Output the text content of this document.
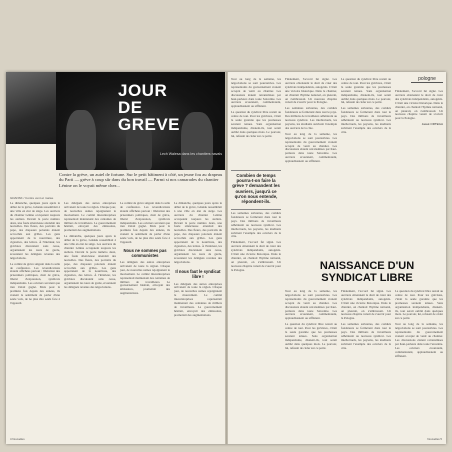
JOUR DE GREVE
Lech Walesa dans les chantiers navals
Contre la grève, un autel de fortune. Sur le petit bâtiment à côté, un jeune fou au drapeau du Parti — grève à coup sûr dans du bon travail — Parmi si nos camarades du chantier Lénine on le voyait même chez...
GDANSK / Contre vent et marée

Le dimanche, quelques jours après le début de la grève, Gdansk ressemblait à une ville en état de siège. Les ouvriers du chantier Lénine occupaient toujours les ateliers. Devant la porte numéro deux, une foule silencieuse attendait des nouvelles. Des fleurs, des portraits du pape, des drapeaux polonais étaient accrochés aux grilles. Les gens apportaient de la nourriture, des cigarettes, des lettres. À l'intérieur, les grévistes discutaient sans cesse, organisaient les tours de garde, écoutaient les délégués revenus des négociations.

Le comité de grève siégeait dans la salle de conférence. Les revendications étaient affichées partout : libération des prisonniers politiques, droit de grève, liberté d'expression, syndicats indépendants. Les ouvriers savaient que rien n'était gagné. Mais pour la première fois depuis des années, ils avaient le sentiment de parler d'une seule voix, de ne plus être seuls face à l'appareil.

Les délégués des autres entreprises arrivaient de toute la région. Chaque jour, de nouvelles usines rejoignaient le mouvement. Le comité interentreprises représentait maintenant des centaines de milliers de travailleurs. Le gouvernement hésitait, envoyait des émissaires, promettait des augmentations.

Le dimanche, quelques jours après le début de la grève, Gdansk ressemblait à une ville en état de siège. Les ouvriers du chantier Lénine occupaient toujours les ateliers. Devant la porte numéro deux, une foule silencieuse attendait des nouvelles. Des fleurs, des portraits du pape, des drapeaux polonais étaient accrochés aux grilles. Les gens apportaient de la nourriture, des cigarettes, des lettres. À l'intérieur, les grévistes discutaient sans cesse, organisaient les tours de garde, écoutaient les délégués revenus des négociations.

Le comité de grève siégeait dans la salle de conférence. Les revendications étaient affichées partout : libération des prisonniers politiques, droit de grève, liberté d'expression, syndicats indépendants. Les ouvriers savaient que rien n'était gagné. Mais pour la première fois depuis des années, ils avaient le sentiment de parler d'une seule voix, de ne plus être seuls face à l'appareil.

Nous ne sommes pas communistes

Les délégués des autres entreprises arrivaient de toute la région. Chaque jour, de nouvelles usines rejoignaient le mouvement. Le comité interentreprises représentait maintenant des centaines de milliers de travailleurs. Le gouvernement hésitait, envoyait des émissaires, promettait des augmentations.

Le dimanche, quelques jours après le début de la grève, Gdansk ressemblait à une ville en état de siège. Les ouvriers du chantier Lénine occupaient toujours les ateliers. Devant la porte numéro deux, une foule silencieuse attendait des nouvelles. Des fleurs, des portraits du pape, des drapeaux polonais étaient accrochés aux grilles. Les gens apportaient de la nourriture, des cigarettes, des lettres. À l'intérieur, les grévistes discutaient sans cesse, organisaient les tours de garde, écoutaient les délégués revenus des négociations.

Il nous faut le syndicat libre !

Les délégués des autres entreprises arrivaient de toute la région. Chaque jour, de nouvelles usines rejoignaient le mouvement. Le comité interentreprises représentait maintenant des centaines de milliers de travailleurs. Le gouvernement hésitait, envoyait des émissaires, promettait des augmentations.

4 Nouvelles
pologne

Tout au long de la semaine, les négociations se sont poursuivies. Les représentants du gouvernement avaient accepté de venir au chantier. Les discussions étaient retransmises par haut-parleurs dans toute l'enceinte. Les ouvriers écoutaient, commentaient, applaudissaient ou sifflaient.

La question du syndicat libre restait au centre de tout. Pour les grévistes, c'était la seule garantie que les promesses seraient tenues. Sans organisation indépendante, disaient-ils, tout serait oublié dans quelques mois. Le pouvoir, lui, refusait de céder sur ce point.

Finalement, l'accord fut signé. Les ouvriers obtenaient le droit de créer des syndicats indépendants, autogérés. C'était une victoire historique. Dans le chantier, on chantait l'hymne national, on pleurait, on s'embrassait. Un nouveau chapitre venait de s'ouvrir pour la Pologne.

Les semaines suivantes, des comités fondateurs se formèrent dans tout le pays. Des millions de travailleurs adhérèrent au nouveau syndicat. Les intellectuels, les paysans, les étudiants suivirent l'exemple des ouvriers de la côte.

Tout au long de la semaine, les négociations se sont poursuivies. Les représentants du gouvernement avaient accepté de venir au chantier. Les discussions étaient retransmises par haut-parleurs dans toute l'enceinte. Les ouvriers écoutaient, commentaient, applaudissaient ou sifflaient.

La question du syndicat libre restait au centre de tout. Pour les grévistes, c'était la seule garantie que les promesses seraient tenues. Sans organisation indépendante, disaient-ils, tout serait oublié dans quelques mois. Le pouvoir, lui, refusait de céder sur ce point.

Les semaines suivantes, des comités fondateurs se formèrent dans tout le pays. Des millions de travailleurs adhérèrent au nouveau syndicat. Les intellectuels, les paysans, les étudiants suivirent l'exemple des ouvriers de la côte.

Finalement, l'accord fut signé. Les ouvriers obtenaient le droit de créer des syndicats indépendants, autogérés. C'était une victoire historique. Dans le chantier, on chantait l'hymne national, on pleurait, on s'embrassait. Un nouveau chapitre venait de s'ouvrir pour la Pologne.

Jacek ORTEGA
Combien de temps pourra-t-on faire la grève ? demandent les ouvriers, jusqu'à ce qu'on nous entende, répondent-ils.

Les semaines suivantes, des comités fondateurs se formèrent dans tout le pays. Des millions de travailleurs adhérèrent au nouveau syndicat. Les intellectuels, les paysans, les étudiants suivirent l'exemple des ouvriers de la côte.

Finalement, l'accord fut signé. Les ouvriers obtenaient le droit de créer des syndicats indépendants, autogérés. C'était une victoire historique. Dans le chantier, on chantait l'hymne national, on pleurait, on s'embrassait. Un nouveau chapitre venait de s'ouvrir pour la Pologne.	NAISSANCE D'UN SYNDICAT LIBRE

Tout au long de la semaine, les négociations se sont poursuivies. Les représentants du gouvernement avaient accepté de venir au chantier. Les discussions étaient retransmises par haut-parleurs dans toute l'enceinte. Les ouvriers écoutaient, commentaient, applaudissaient ou sifflaient.

La question du syndicat libre restait au centre de tout. Pour les grévistes, c'était la seule garantie que les promesses seraient tenues. Sans organisation indépendante, disaient-ils, tout serait oublié dans quelques mois. Le pouvoir, lui, refusait de céder sur ce point.

Finalement, l'accord fut signé. Les ouvriers obtenaient le droit de créer des syndicats indépendants, autogérés. C'était une victoire historique. Dans le chantier, on chantait l'hymne national, on pleurait, on s'embrassait. Un nouveau chapitre venait de s'ouvrir pour la Pologne.

Les semaines suivantes, des comités fondateurs se formèrent dans tout le pays. Des millions de travailleurs adhérèrent au nouveau syndicat. Les intellectuels, les paysans, les étudiants suivirent l'exemple des ouvriers de la côte.

La question du syndicat libre restait au centre de tout. Pour les grévistes, c'était la seule garantie que les promesses seraient tenues. Sans organisation indépendante, disaient-ils, tout serait oublié dans quelques mois. Le pouvoir, lui, refusait de céder sur ce point.

Tout au long de la semaine, les négociations se sont poursuivies. Les représentants du gouvernement avaient accepté de venir au chantier. Les discussions étaient retransmises par haut-parleurs dans toute l'enceinte. Les ouvriers écoutaient, commentaient, applaudissaient ou sifflaient.

Nouvelles 5
